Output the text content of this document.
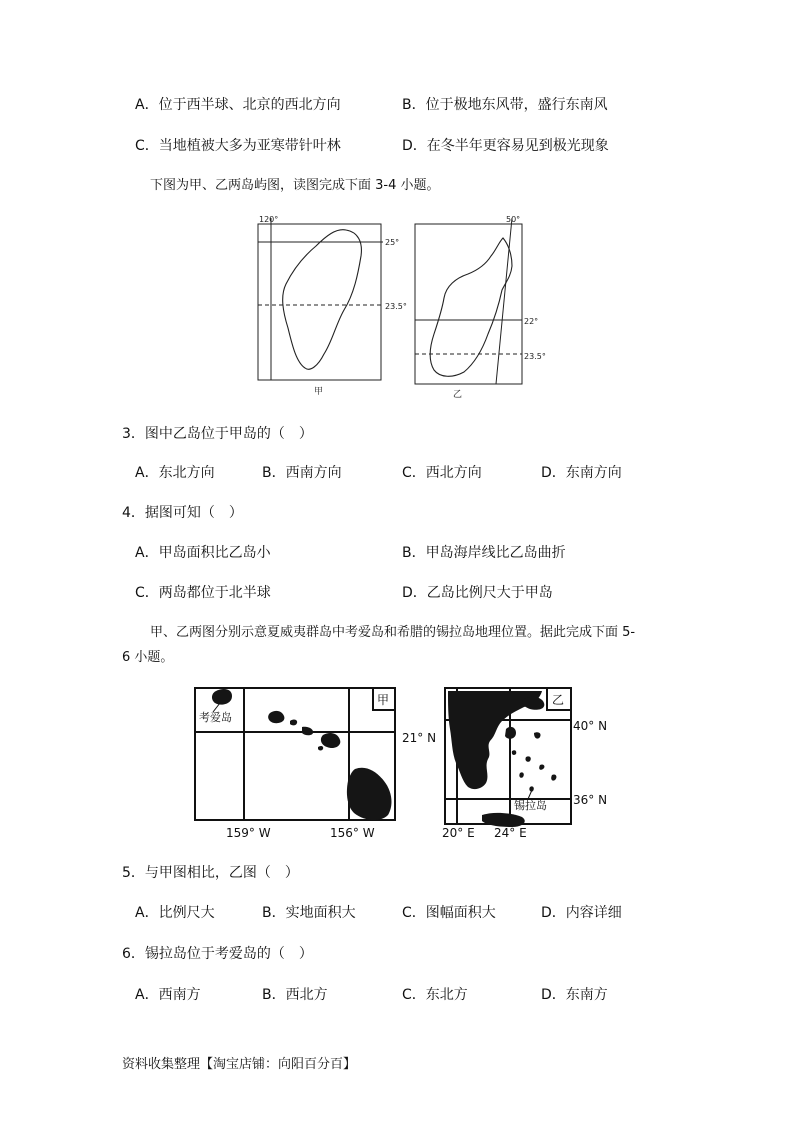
A．位于西半球、北京的西北方向	B．位于极地东风带，盛行东南风
C．当地植被大多为亚寒带针叶林	D．在冬半年更容易见到极光现象
下图为甲、乙两岛屿图，读图完成下面 3-4 小题。
120°
25°
23.5°
甲
50°
22°
23.5°
乙
3．图中乙岛位于甲岛的（　）
A．东北方向	B．西南方向	C．西北方向	D．东南方向
4．据图可知（　）
A．甲岛面积比乙岛小	B．甲岛海岸线比乙岛曲折
C．两岛都位于北半球	D．乙岛比例尺大于甲岛
甲、乙两图分别示意夏威夷群岛中考爱岛和希腊的锡拉岛地理位置。据此完成下面 5-
6 小题。
甲
考爱岛
21° N
159° W	156° W
锡拉岛
乙
40° N
36° N
20° E 24° E
5．与甲图相比，乙图（　）
A．比例尺大	B．实地面积大	C．图幅面积大	D．内容详细
6．锡拉岛位于考爱岛的（　）
A．西南方	B．西北方	C．东北方	D．东南方
资料收集整理【淘宝店铺：向阳百分百】
